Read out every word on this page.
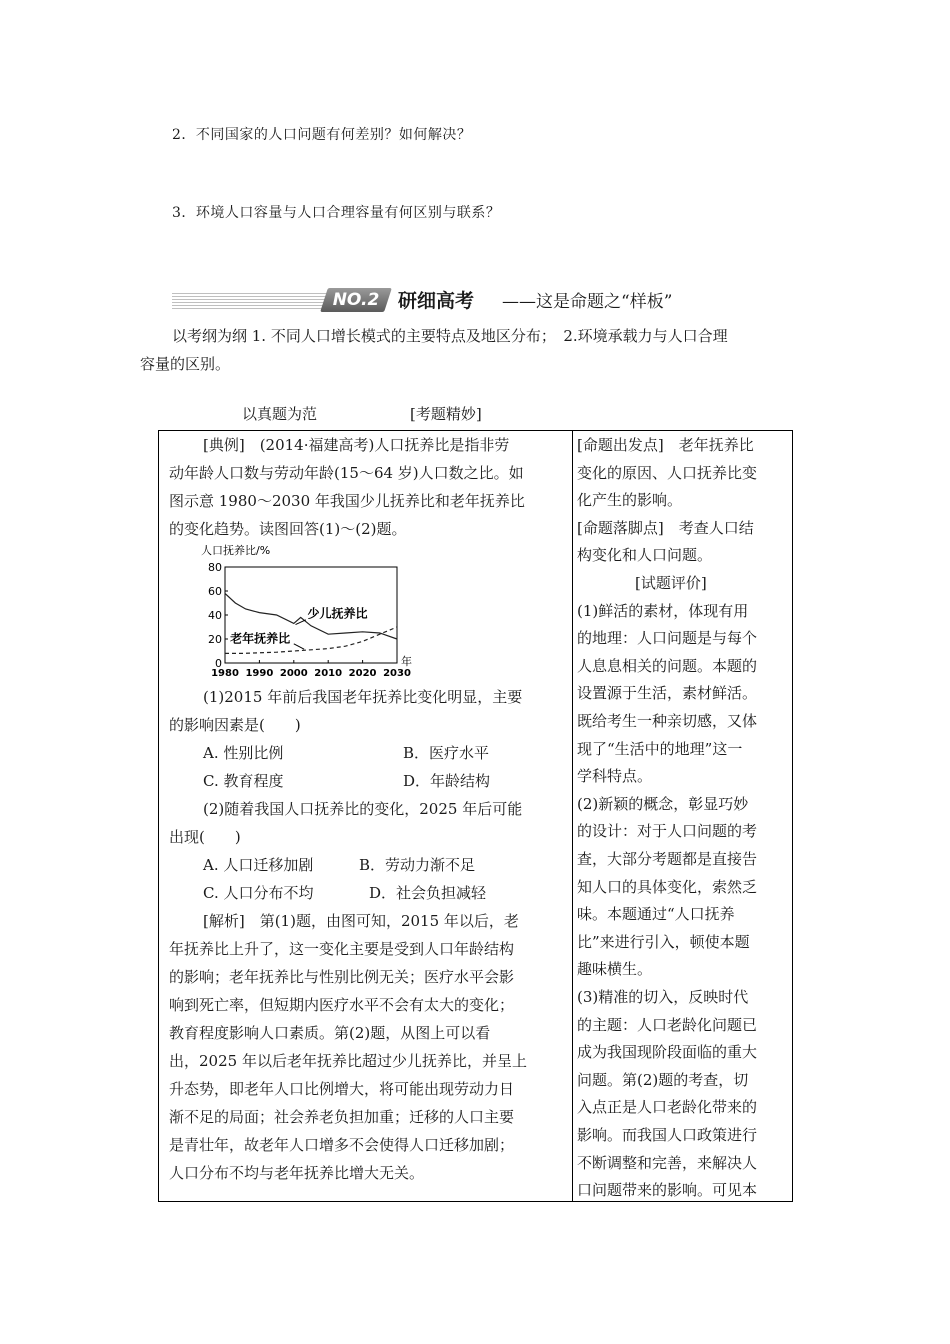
2．不同国家的人口问题有何差别？如何解决？
3．环境人口容量与人口合理容量有何区别与联系？
NO.2 研细高考 ——这是命题之“样板”
以考纲为纲 1. 不同人口增长模式的主要特点及地区分布；　2.环境承载力与人口合理
容量的区别。
以真题为范	[考题精妙]
[典例]　(2014·福建高考)人口抚养比是指非劳
动年龄人口数与劳动年龄(15～64 岁)人口数之比。如
图示意 1980～2030 年我国少儿抚养比和老年抚养比
的变化趋势。读图回答(1)～(2)题。
人口抚养比/%
0
20
40
60
80
1980 1990 2000 2010 2020 2030
年
少儿抚养比
老年抚养比
(1)2015 年前后我国老年抚养比变化明显，主要
的影响因素是(　　)
A. 性别比例	B．医疗水平
C. 教育程度	D．年龄结构
(2)随着我国人口抚养比的变化，2025 年后可能
出现(　　)
A. 人口迁移加剧	B．劳动力渐不足
C. 人口分布不均	D．社会负担减轻
[解析]　第(1)题，由图可知，2015 年以后，老
年抚养比上升了，这一变化主要是受到人口年龄结构
的影响；老年抚养比与性别比例无关；医疗水平会影
响到死亡率，但短期内医疗水平不会有太大的变化；
教育程度影响人口素质。第(2)题，从图上可以看
出，2025 年以后老年抚养比超过少儿抚养比，并呈上
升态势，即老年人口比例增大，将可能出现劳动力日
渐不足的局面；社会养老负担加重；迁移的人口主要
是青壮年，故老年人口增多不会使得人口迁移加剧；
人口分布不均与老年抚养比增大无关。

[命题出发点]　老年抚养比
变化的原因、人口抚养比变
化产生的影响。
[命题落脚点]　考查人口结
构变化和人口问题。
[试题评价]
(1)鲜活的素材，体现有用
的地理：人口问题是与每个
人息息相关的问题。本题的
设置源于生活，素材鲜活。
既给考生一种亲切感，又体
现了“生活中的地理”这一
学科特点。
(2)新颖的概念，彰显巧妙
的设计：对于人口问题的考
查，大部分考题都是直接告
知人口的具体变化，索然乏
味。本题通过“人口抚养
比”来进行引入，顿使本题
趣味横生。
(3)精准的切入，反映时代
的主题：人口老龄化问题已
成为我国现阶段面临的重大
问题。第(2)题的考查，切
入点正是人口老龄化带来的
影响。而我国人口政策进行
不断调整和完善，来解决人
口问题带来的影响。可见本
